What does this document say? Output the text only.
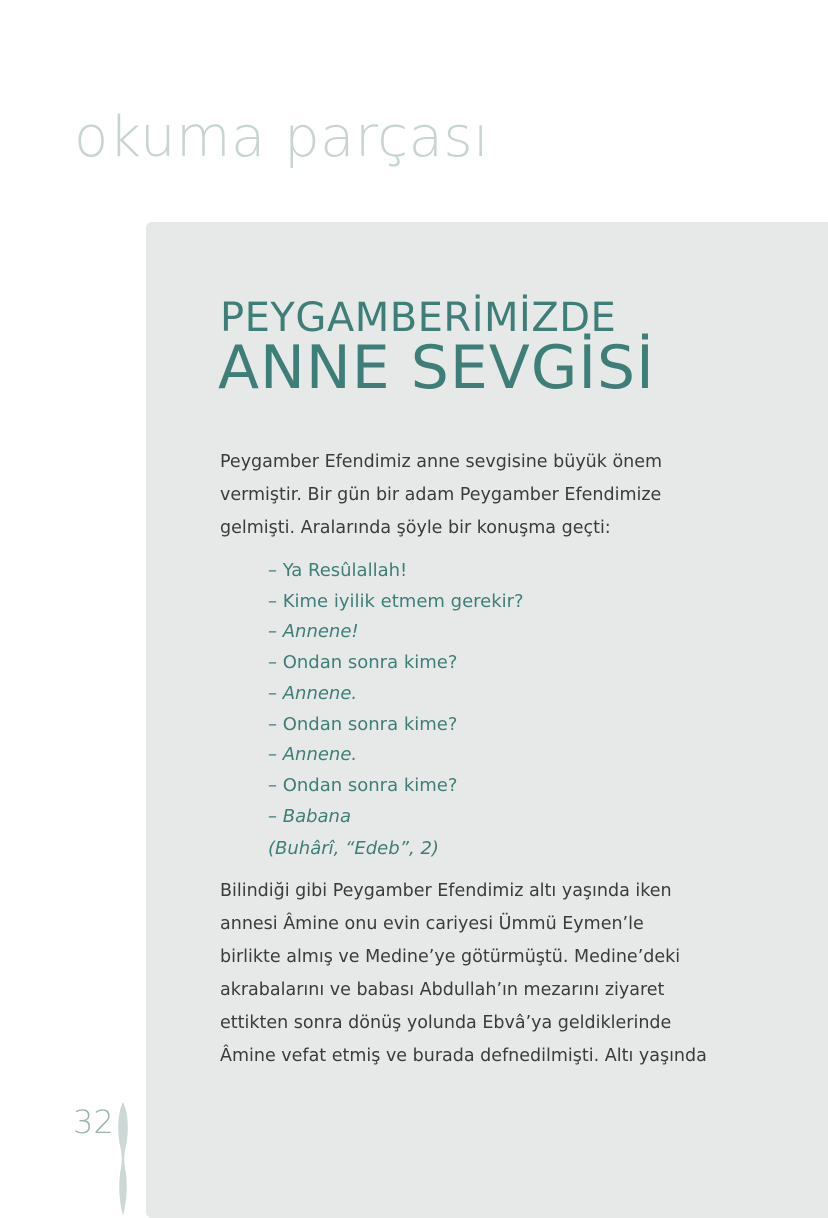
okuma parçası
PEYGAMBERİMİZDE
ANNE SEVGİSİ

Peygamber Efendimiz anne sevgisine büyük önem
vermiştir. Bir gün bir adam Peygamber Efendimize
gelmişti. Aralarında şöyle bir konuşma geçti:

– Ya Resûlallah!
– Kime iyilik etmem gerekir?
– Annene!
– Ondan sonra kime?
– Annene.
– Ondan sonra kime?
– Annene.
– Ondan sonra kime?
– Babana

(Buhârî, “Edeb”, 2)

Bilindiği gibi Peygamber Efendimiz altı yaşında iken
annesi Âmine onu evin cariyesi Ümmü Eymen’le
birlikte almış ve Medine’ye götürmüştü. Medine’deki
akrabalarını ve babası Abdullah’ın mezarını ziyaret
ettikten sonra dönüş yolunda Ebvâ’ya geldiklerinde
Âmine vefat etmiş ve burada defnedilmişti. Altı yaşında

32
